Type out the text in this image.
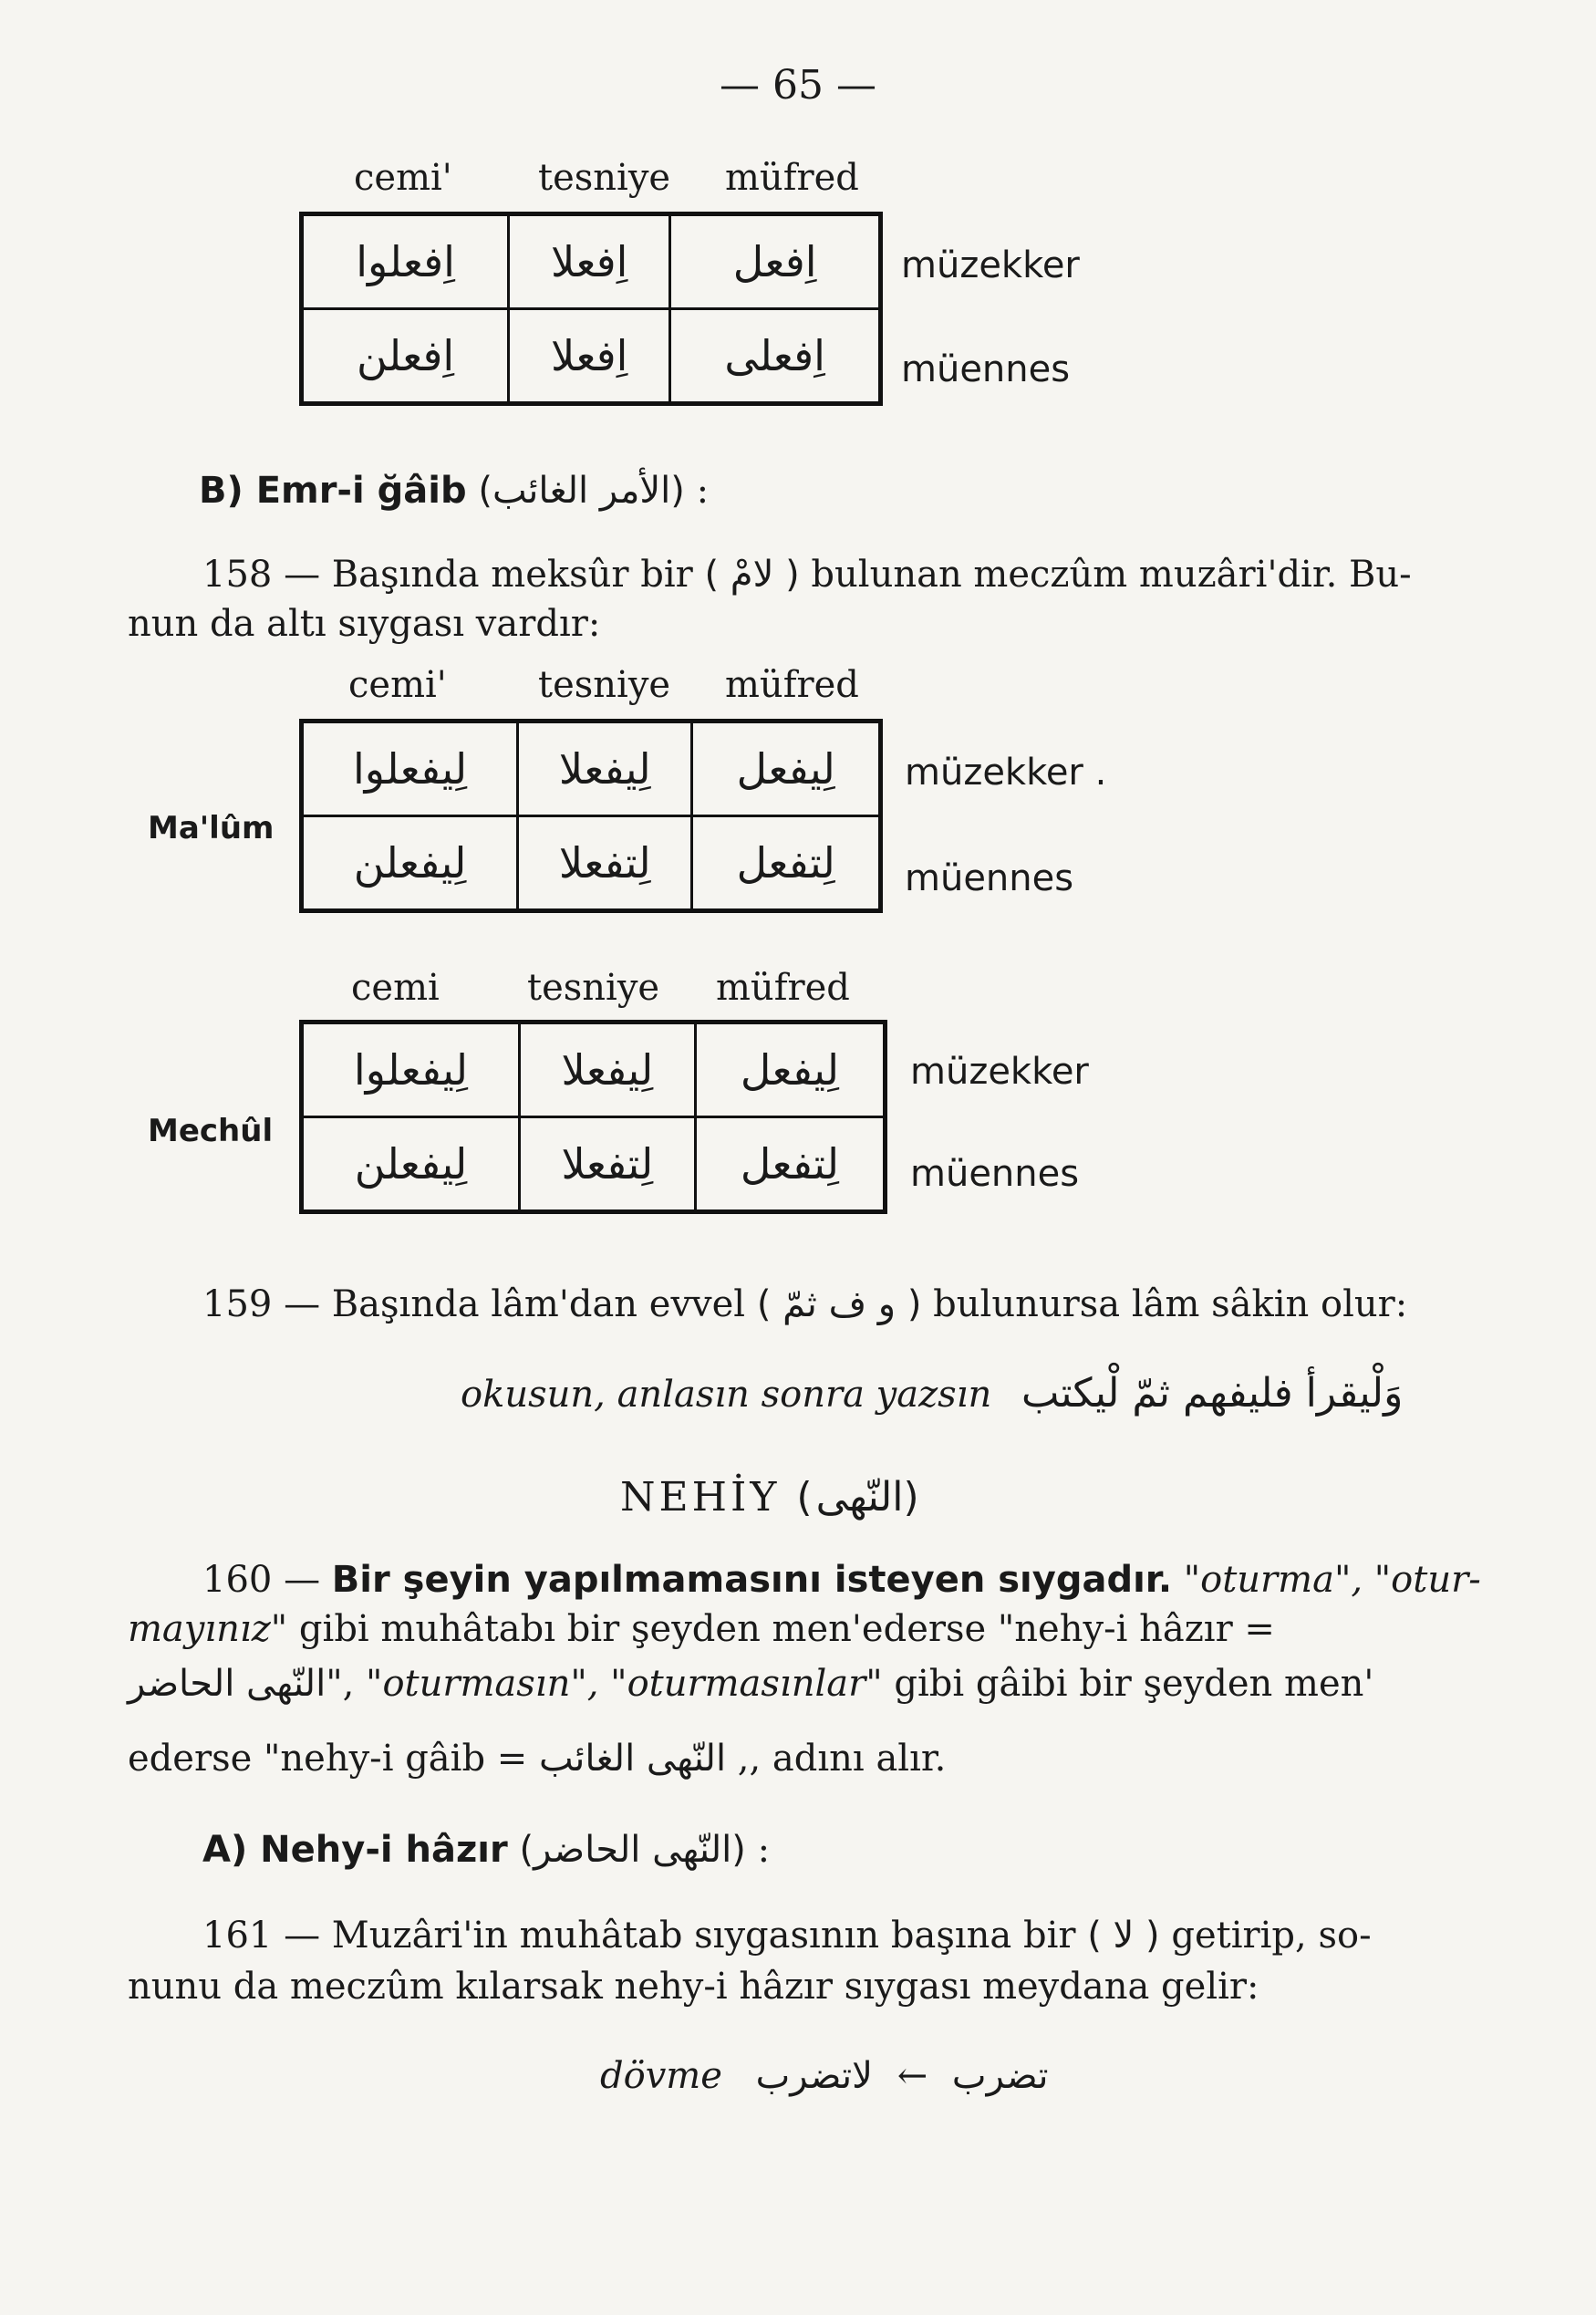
— 65 —
cemi' tesniye müfred
اِفعلوا	اِفعلا	اِفعل
اِفعلن	اِفعلا	اِفعلى
müzekker
müennes
B) Emr-i ğâib (الأمر الغائب) :
158 — Başında meksûr bir ( لامْ ) bulunan meczûm muzâri'dir. Bu-
nun da altı sıygası vardır:
cemi'	tesniye müfred
Ma'lûm
لِيفعلوا	لِيفعلا	لِيفعل
لِيفعلن	لِتفعلا	لِتفعل
müzekker .
müennes
cemi tesniye müfred
Mechûl
لِيفعلوا	لِيفعلا	لِيفعل
لِيفعلن	لِتفعلا	لِتفعل
müzekker
müennes
159 — Başında lâm'dan evvel ( و ف ثمّ ) bulunursa lâm sâkin olur:
okusun, anlasın sonra yazsın وَلْيقرأ فليفهم ثمّ لْيكتب
NEHİY (النّهى)
160 — Bir şeyin yapılmamasını isteyen sıygadır. "oturma", "otur-
mayınız" gibi muhâtabı bir şeyden men'ederse "nehy-i hâzır =
النّهى الحاضر", "oturmasın", "oturmasınlar" gibi gâibi bir şeyden men'
ederse "nehy-i gâib = النّهى الغائب ,, adını alır.
A) Nehy-i hâzır (النّهى الحاضر) :
161 — Muzâri'in muhâtab sıygasının başına bir ( لا ) getirip, so-
nunu da meczûm kılarsak nehy-i hâzır sıygası meydana gelir:
dövme لاتضرب ← تضرب
